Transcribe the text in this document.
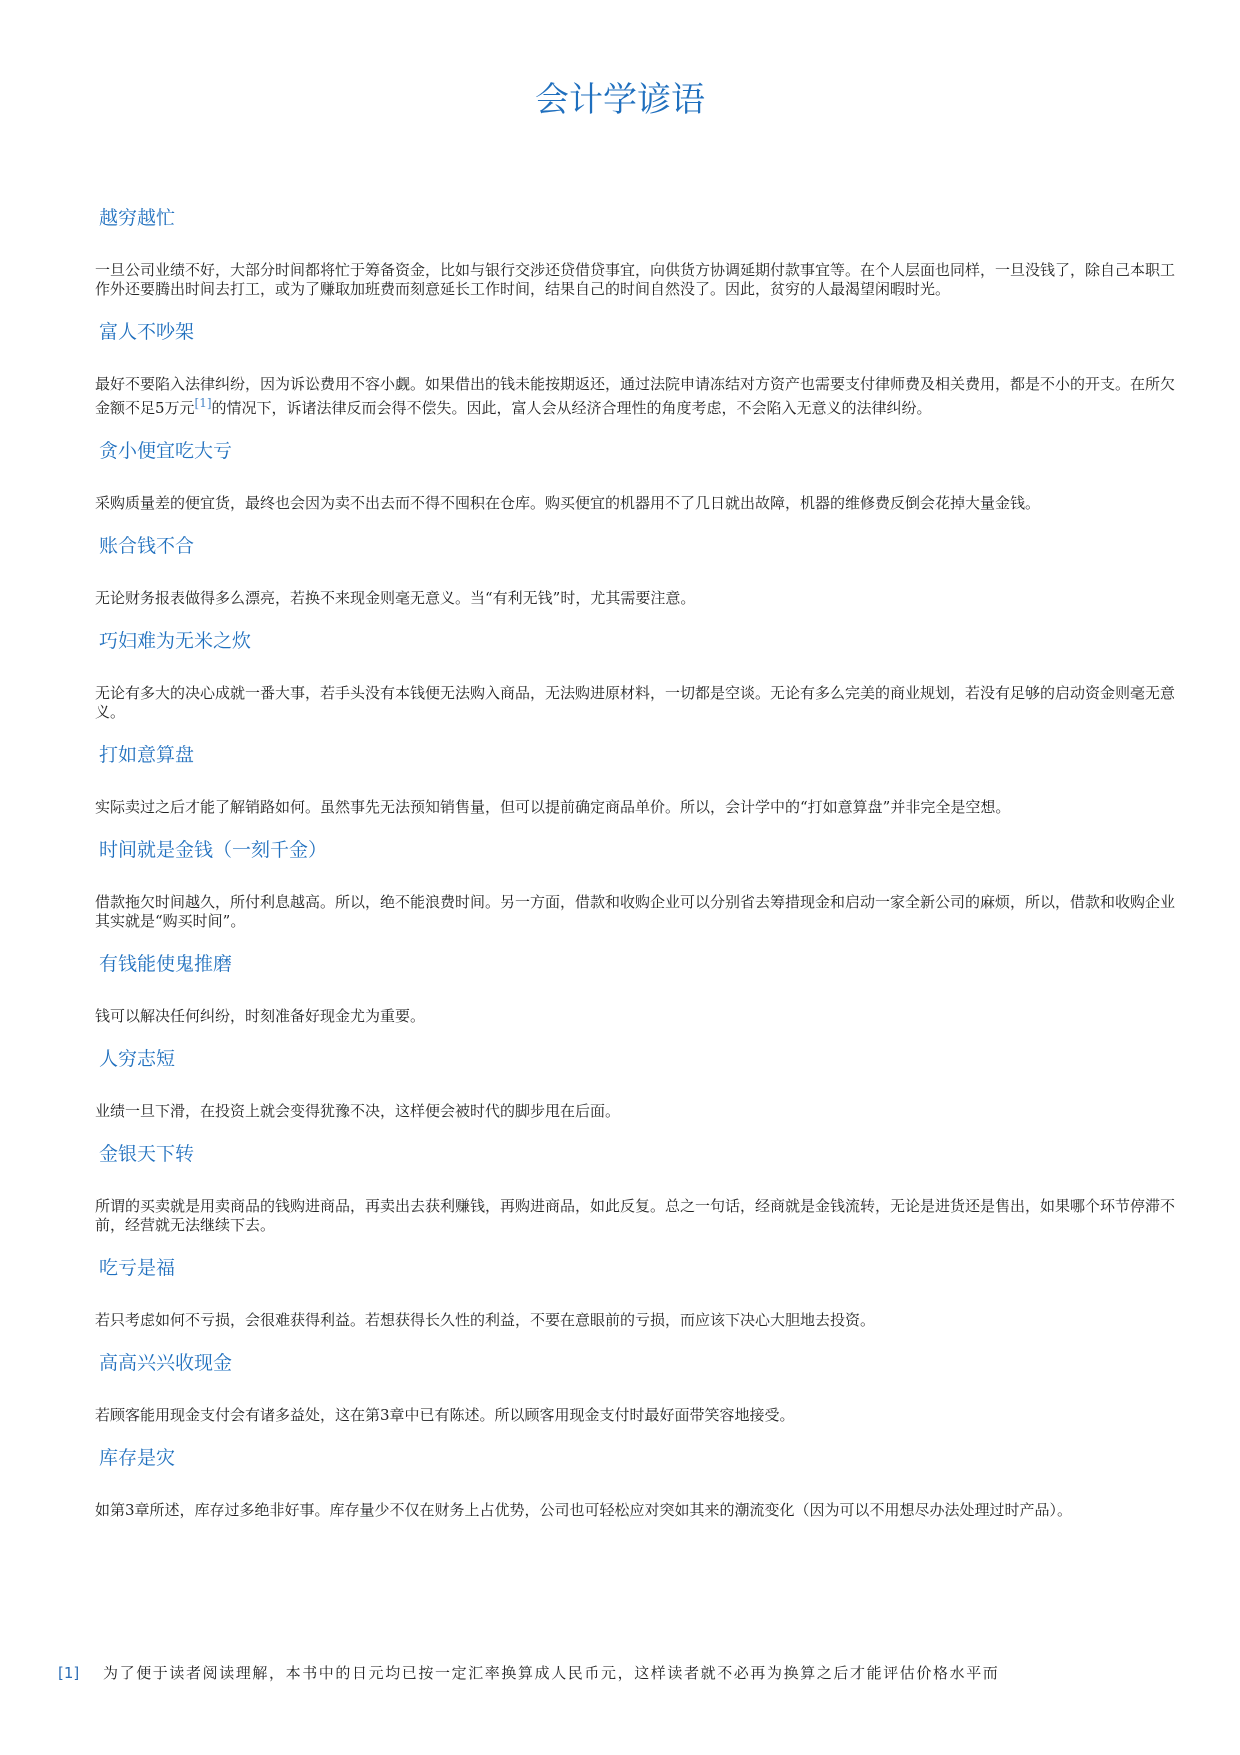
会计学谚语
越穷越忙

一旦公司业绩不好，大部分时间都将忙于筹备资金，比如与银行交涉还贷借贷事宜，向供货方协调延期付款事宜等。在个人层面也同样，一旦没钱了，除自己本职工作外还要腾出时间去打工，或为了赚取加班费而刻意延长工作时间，结果自己的时间自然没了。因此，贫穷的人最渴望闲暇时光。

富人不吵架

最好不要陷入法律纠纷，因为诉讼费用不容小觑。如果借出的钱未能按期返还，通过法院申请冻结对方资产也需要支付律师费及相关费用，都是不小的开支。在所欠金额不足5万元[1]的情况下，诉诸法律反而会得不偿失。因此，富人会从经济合理性的角度考虑，不会陷入无意义的法律纠纷。

贪小便宜吃大亏

采购质量差的便宜货，最终也会因为卖不出去而不得不囤积在仓库。购买便宜的机器用不了几日就出故障，机器的维修费反倒会花掉大量金钱。

账合钱不合

无论财务报表做得多么漂亮，若换不来现金则毫无意义。当“有利无钱”时，尤其需要注意。

巧妇难为无米之炊

无论有多大的决心成就一番大事，若手头没有本钱便无法购入商品，无法购进原材料，一切都是空谈。无论有多么完美的商业规划，若没有足够的启动资金则毫无意义。

打如意算盘

实际卖过之后才能了解销路如何。虽然事先无法预知销售量，但可以提前确定商品单价。所以，会计学中的“打如意算盘”并非完全是空想。

时间就是金钱（一刻千金）

借款拖欠时间越久，所付利息越高。所以，绝不能浪费时间。另一方面，借款和收购企业可以分别省去筹措现金和启动一家全新公司的麻烦，所以，借款和收购企业其实就是“购买时间”。

有钱能使鬼推磨

钱可以解决任何纠纷，时刻准备好现金尤为重要。

人穷志短

业绩一旦下滑，在投资上就会变得犹豫不决，这样便会被时代的脚步甩在后面。

金银天下转

所谓的买卖就是用卖商品的钱购进商品，再卖出去获利赚钱，再购进商品，如此反复。总之一句话，经商就是金钱流转，无论是进货还是售出，如果哪个环节停滞不前，经营就无法继续下去。

吃亏是福

若只考虑如何不亏损，会很难获得利益。若想获得长久性的利益，不要在意眼前的亏损，而应该下决心大胆地去投资。

高高兴兴收现金

若顾客能用现金支付会有诸多益处，这在第3章中已有陈述。所以顾客用现金支付时最好面带笑容地接受。

库存是灾

如第3章所述，库存过多绝非好事。库存量少不仅在财务上占优势，公司也可轻松应对突如其来的潮流变化（因为可以不用想尽办法处理过时产品）。

[1] 为了便于读者阅读理解，本书中的日元均已按一定汇率换算成人民币元，这样读者就不必再为换算之后才能评估价格水平而
